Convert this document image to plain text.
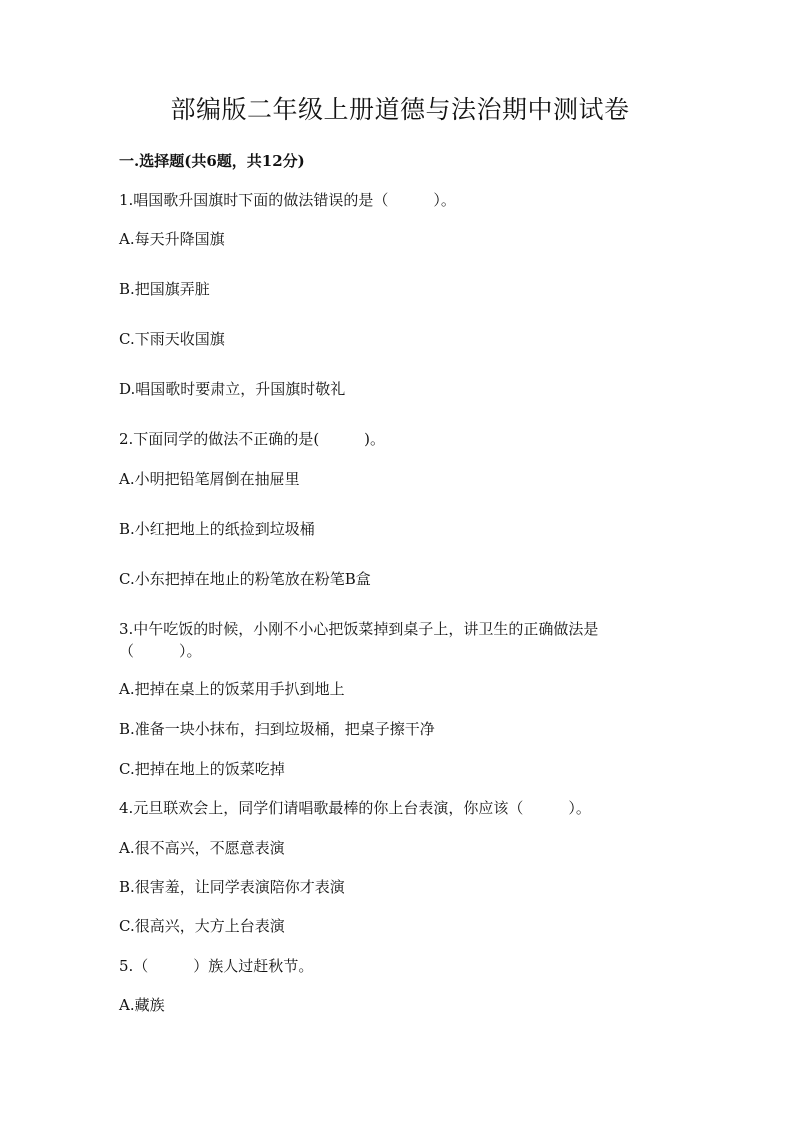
部编版二年级上册道德与法治期中测试卷
一.选择题(共6题，共12分)
1.唱国歌升国旗时下面的做法错误的是（　　　）。
A.每天升降国旗
B.把国旗弄脏
C.下雨天收国旗
D.唱国歌时要肃立，升国旗时敬礼
2.下面同学的做法不正确的是(　　　)。
A.小明把铅笔屑倒在抽屉里
B.小红把地上的纸捡到垃圾桶
C.小东把掉在地止的粉笔放在粉笔B盒
3.中午吃饭的时候，小刚不小心把饭菜掉到桌子上，讲卫生的正确做法是
（　　　）。
A.把掉在桌上的饭菜用手扒到地上
B.准备一块小抹布，扫到垃圾桶，把桌子擦干净
C.把掉在地上的饭菜吃掉
4.元旦联欢会上，同学们请唱歌最棒的你上台表演，你应该（　　　）。
A.很不高兴，不愿意表演
B.很害羞，让同学表演陪你才表演
C.很高兴，大方上台表演
5.（　　　）族人过赶秋节。
A.藏族
